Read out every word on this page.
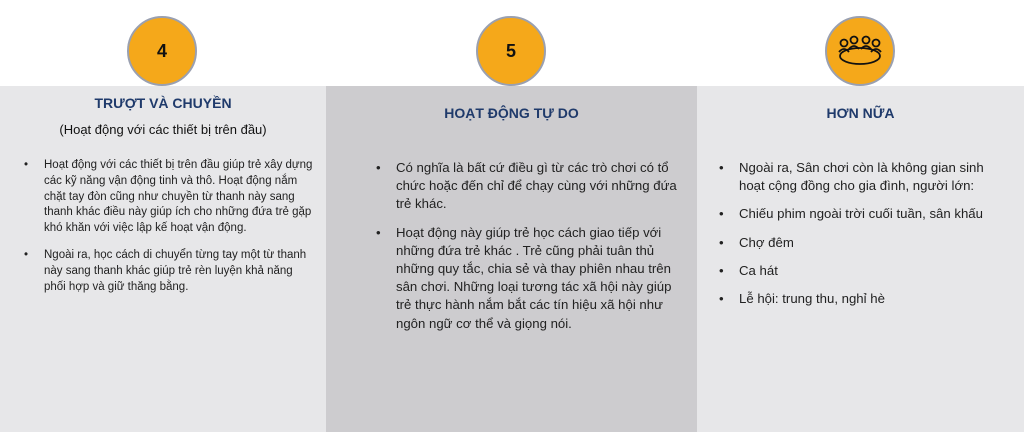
TRƯỢT VÀ CHUYỀN
(Hoạt động với các thiết bị trên đầu)
• Hoạt động với các thiết bị trên đầu giúp trẻ xây dựng các kỹ năng vận động tinh và thô. Hoạt động nắm chặt tay đòn cũng như chuyền từ thanh này sang thanh khác điều này giúp ích cho những đứa trẻ gặp khó khăn với việc lập kế hoạt vận động.
• Ngoài ra, học cách di chuyển từng tay một từ thanh này sang thanh khác giúp trẻ rèn luyện khả năng phối hợp và giữ thăng bằng.
HOẠT ĐỘNG TỰ DO
• Có nghĩa là bất cứ điều gì từ các trò chơi có tổ chức hoặc đến chỉ để chạy cùng với những đứa trẻ khác.
• Hoạt động này giúp trẻ học cách giao tiếp với những đứa trẻ khác . Trẻ cũng phải tuân thủ những quy tắc, chia sẻ và thay phiên nhau trên sân chơi. Những loại tương tác xã hội này giúp trẻ thực hành nắm bắt các tín hiệu xã hội như ngôn ngữ cơ thể và giọng nói.
HƠN NỮA
• Ngoài ra, Sân chơi còn là không gian sinh hoạt cộng đồng cho gia đình, người lớn:
• Chiếu phim ngoài trời cuối tuần, sân khấu
• Chợ đêm
• Ca hát
• Lễ hội: trung thu, nghỉ hè
4	5
